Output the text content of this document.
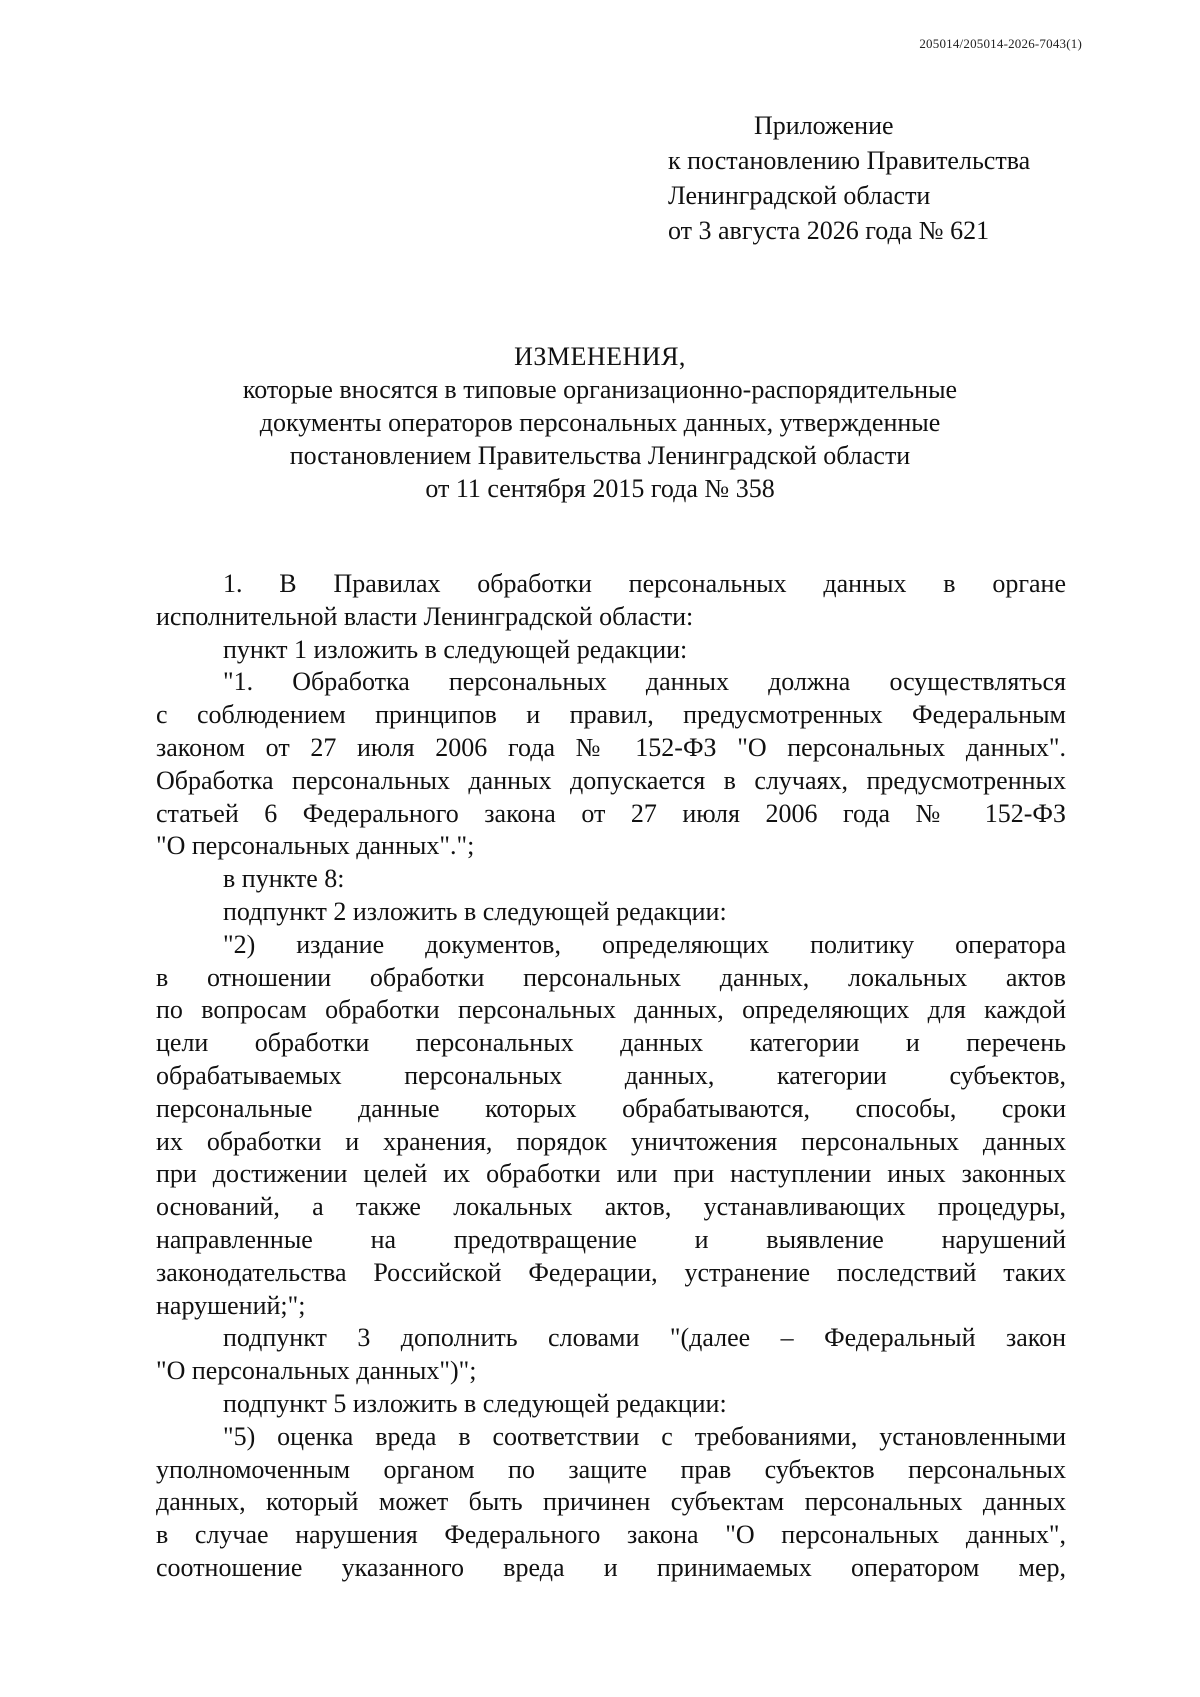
205014/205014-2026-7043(1)
Приложение
к постановлению Правительства
Ленинградской области
от 3 августа 2026 года № 621
ИЗМЕНЕНИЯ,
которые вносятся в типовые организационно-распорядительные
документы операторов персональных данных, утвержденные
постановлением Правительства Ленинградской области
от 11 сентября 2015 года № 358
1. В Правилах обработки персональных данных в органе
исполнительной власти Ленинградской области:
пункт 1 изложить в следующей редакции:
"1. Обработка персональных данных должна осуществляться
с соблюдением принципов и правил, предусмотренных Федеральным
законом от 27 июля 2006 года № 152-ФЗ "О персональных данных".
Обработка персональных данных допускается в случаях, предусмотренных
статьей 6 Федерального закона от 27 июля 2006 года № 152-ФЗ
"О персональных данных".";
в пункте 8:
подпункт 2 изложить в следующей редакции:
"2) издание документов, определяющих политику оператора
в отношении обработки персональных данных, локальных актов
по вопросам обработки персональных данных, определяющих для каждой
цели обработки персональных данных категории и перечень
обрабатываемых персональных данных, категории субъектов,
персональные данные которых обрабатываются, способы, сроки
их обработки и хранения, порядок уничтожения персональных данных
при достижении целей их обработки или при наступлении иных законных
оснований, а также локальных актов, устанавливающих процедуры,
направленные на предотвращение и выявление нарушений
законодательства Российской Федерации, устранение последствий таких
нарушений;";
подпункт 3 дополнить словами "(далее – Федеральный закон
"О персональных данных")";
подпункт 5 изложить в следующей редакции:
"5) оценка вреда в соответствии с требованиями, установленными
уполномоченным органом по защите прав субъектов персональных
данных, который может быть причинен субъектам персональных данных
в случае нарушения Федерального закона "О персональных данных",
соотношение указанного вреда и принимаемых оператором мер,
